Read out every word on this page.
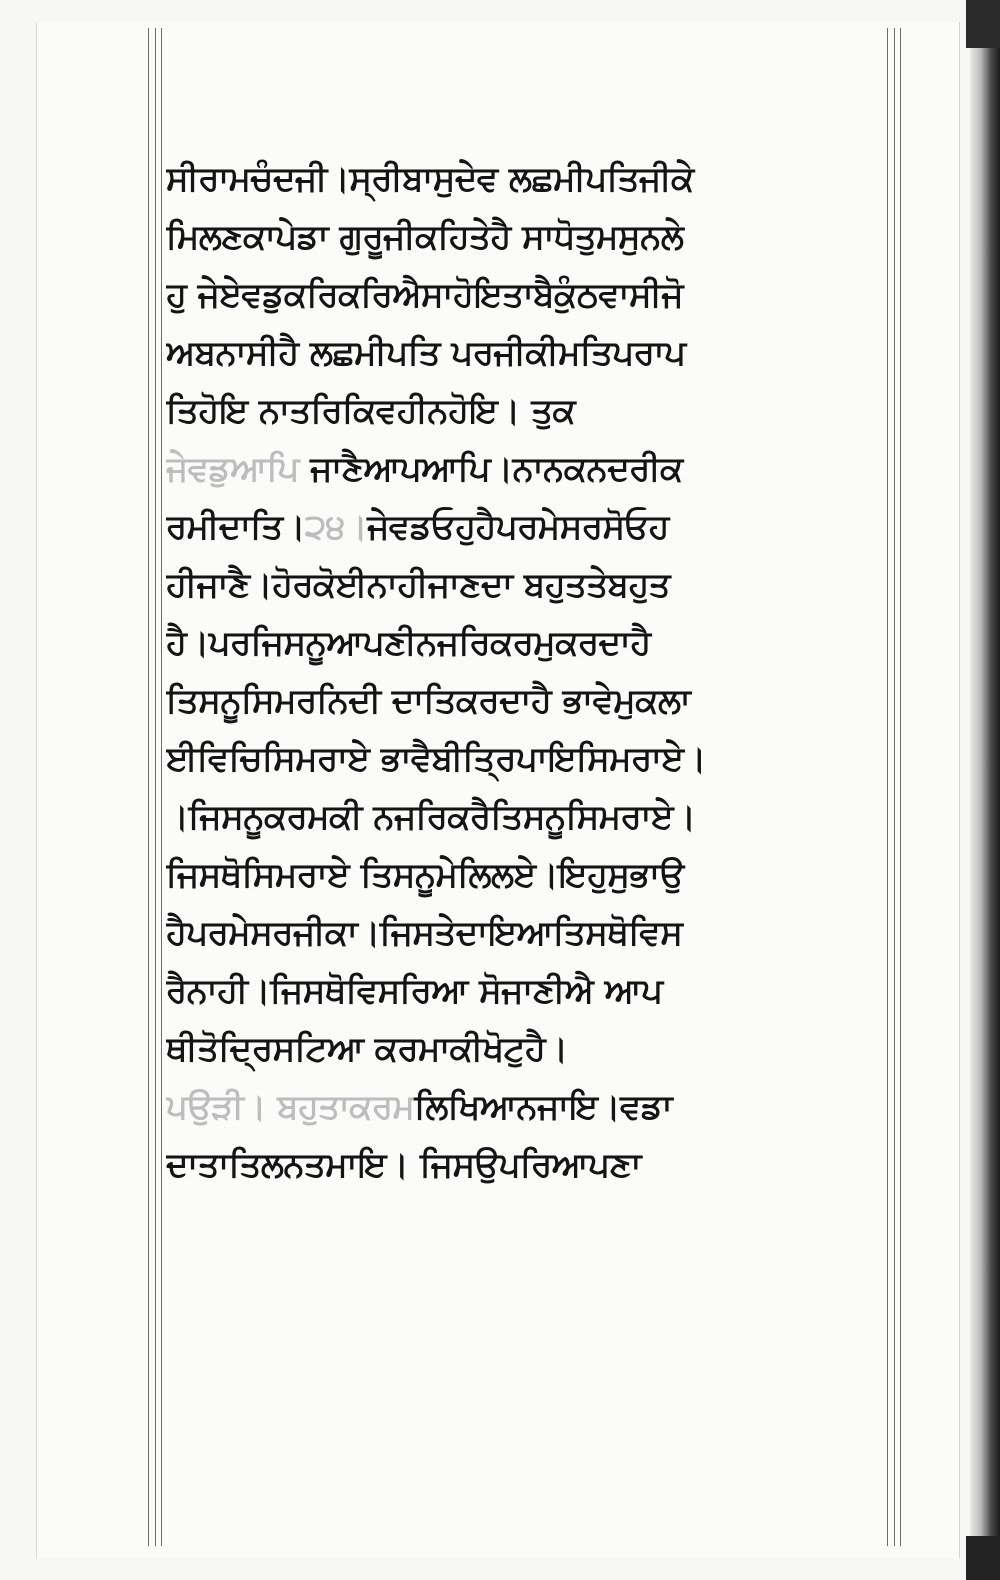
ਸੀਰਾਮਚੰਦਜੀ।ਸ੍ਰੀਬਾਸੁਦੇਵ ਲਛਮੀਪਤਿਜੀਕੇ
ਮਿਲਣਕਾਪੇਡਾ ਗੁਰੂਜੀਕਹਿਤੇਹੈ ਸਾਧੋਤੁਮਸੁਨਲੇ
ਹੁ ਜੇਏਵਡੁਕਰਿਕਰਿਐਸਾਹੋਇਤਾਬੈਕੁੰਠਵਾਸੀਜੋ
ਅਬਨਾਸੀਹੈ ਲਛਮੀਪਤਿ ਪਰਜੀਕੀਮਤਿਪਰਾਪ
ਤਿਹੋਇ ਨਾਤਰਿਕਿਵਹੀਨਹੋਇ। ਤੁਕ
ਜੇਵਡੁਆਪਿ ਜਾਣੈਆਪਆਪਿ।ਨਾਨਕਨਦਰੀਕ
ਰਮੀਦਾਤਿ।੨੪।ਜੇਵਡਓਹੁਹੈਪਰਮੇਸਰਸੋਓਹ
ਹੀਜਾਣੈ।ਹੋਰਕੋਈਨਾਹੀਜਾਣਦਾ ਬਹੁਤਤੇਬਹੁਤ
ਹੈ।ਪਰਜਿਸਨੂਆਪਣੀਨਜਰਿਕਰਮੁਕਰਦਾਹੈ
ਤਿਸਨੂਸਿਮਰਨਿਦੀ ਦਾਤਿਕਰਦਾਹੈ ਭਾਵੇਮੁਕਲਾ
ਈਵਿਚਿਸਿਮਰਾਏ ਭਾਵੈਬੀਤ੍ਰਿਪਾਇਸਿਮਰਾਏ।
।ਜਿਸਨੂਕਰਮਕੀ ਨਜਰਿਕਰੈਤਿਸਨੂਸਿਮਰਾਏ।
ਜਿਸਥੋਸਿਮਰਾਏ ਤਿਸਨੂਮੇਲਿਲਏ।ਇਹੁਸੁਭਾਉ
ਹੈਪਰਮੇਸਰਜੀਕਾ।ਜਿਸਤੇਦਾਇਆਤਿਸਥੋਵਿਸ
ਰੈਨਾਹੀ।ਜਿਸਥੋਵਿਸਰਿਆ ਸੋਜਾਣੀਐ ਆਪ
ਥੀਤੋਦ੍ਰਿਸਟਿਆ ਕਰਮਾਕੀਖੋਟੁਹੈ।
ਪਉੜੀ। ਬਹੁਤਾਕਰਮਲਿਖਿਆਨਜਾਇ।ਵਡਾ
ਦਾਤਾਤਿਲਨਤਮਾਇ। ਜਿਸਉਪਰਿਆਪਣਾ
